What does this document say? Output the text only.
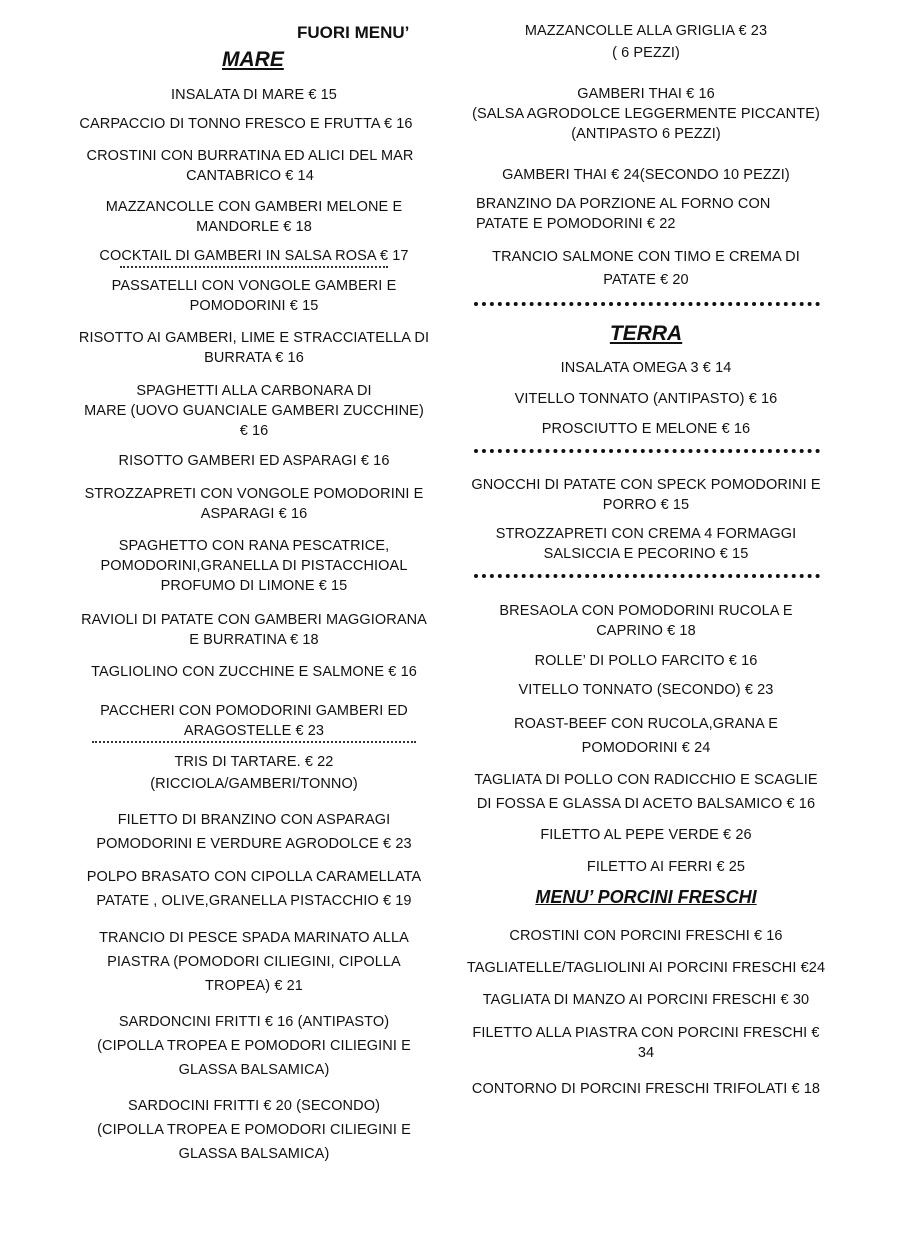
FUORI MENU’
MARE
INSALATA DI MARE € 15
CARPACCIO DI TONNO FRESCO E FRUTTA € 16
CROSTINI CON BURRATINA ED ALICI DEL MAR
CANTABRICO € 14
MAZZANCOLLE CON GAMBERI MELONE E
MANDORLE € 18
COCKTAIL DI GAMBERI IN SALSA ROSA € 17
PASSATELLI CON VONGOLE GAMBERI E
POMODORINI € 15
RISOTTO AI GAMBERI, LIME E STRACCIATELLA DI
BURRATA € 16
SPAGHETTI ALLA CARBONARA DI
MARE (UOVO GUANCIALE GAMBERI ZUCCHINE)
€ 16
RISOTTO GAMBERI ED ASPARAGI € 16
STROZZAPRETI CON VONGOLE POMODORINI E
ASPARAGI € 16
SPAGHETTO CON RANA PESCATRICE,
POMODORINI,GRANELLA DI PISTACCHIOAL
PROFUMO DI LIMONE € 15
RAVIOLI DI PATATE CON GAMBERI MAGGIORANA
E BURRATINA € 18
TAGLIOLINO CON ZUCCHINE E SALMONE € 16
PACCHERI CON POMODORINI GAMBERI ED
ARAGOSTELLE € 23
TRIS DI TARTARE. € 22
(RICCIOLA/GAMBERI/TONNO)
FILETTO DI BRANZINO CON ASPARAGI
POMODORINI E VERDURE AGRODOLCE € 23
POLPO BRASATO CON CIPOLLA CARAMELLATA
PATATE , OLIVE,GRANELLA PISTACCHIO € 19
TRANCIO DI PESCE SPADA MARINATO ALLA
PIASTRA (POMODORI CILIEGINI, CIPOLLA
TROPEA) € 21
SARDONCINI FRITTI € 16 (ANTIPASTO)
(CIPOLLA TROPEA E POMODORI CILIEGINI E
GLASSA BALSAMICA)
SARDOCINI FRITTI € 20 (SECONDO)
(CIPOLLA TROPEA E POMODORI CILIEGINI E
GLASSA BALSAMICA)
MAZZANCOLLE ALLA GRIGLIA € 23
( 6 PEZZI)
GAMBERI THAI € 16
(SALSA AGRODOLCE LEGGERMENTE PICCANTE)
(ANTIPASTO 6 PEZZI)
GAMBERI THAI € 24(SECONDO 10 PEZZI)
BRANZINO DA PORZIONE AL FORNO CON
PATATE E POMODORINI € 22
TRANCIO SALMONE CON TIMO E CREMA DI
PATATE € 20
TERRA
INSALATA OMEGA 3 € 14
VITELLO TONNATO (ANTIPASTO) € 16
PROSCIUTTO E MELONE € 16
GNOCCHI DI PATATE CON SPECK POMODORINI E
PORRO € 15
STROZZAPRETI CON CREMA 4 FORMAGGI
SALSICCIA E PECORINO € 15
BRESAOLA CON POMODORINI RUCOLA E
CAPRINO € 18
ROLLE’ DI POLLO FARCITO € 16
VITELLO TONNATO (SECONDO) € 23
ROAST-BEEF CON RUCOLA,GRANA E
POMODORINI € 24
TAGLIATA DI POLLO CON RADICCHIO E SCAGLIE
DI FOSSA E GLASSA DI ACETO BALSAMICO € 16
FILETTO AL PEPE VERDE € 26
FILETTO AI FERRI € 25
MENU’ PORCINI FRESCHI
CROSTINI CON PORCINI FRESCHI € 16
TAGLIATELLE/TAGLIOLINI AI PORCINI FRESCHI €24
TAGLIATA DI MANZO AI PORCINI FRESCHI € 30
FILETTO ALLA PIASTRA CON PORCINI FRESCHI €
34
CONTORNO DI PORCINI FRESCHI TRIFOLATI € 18
